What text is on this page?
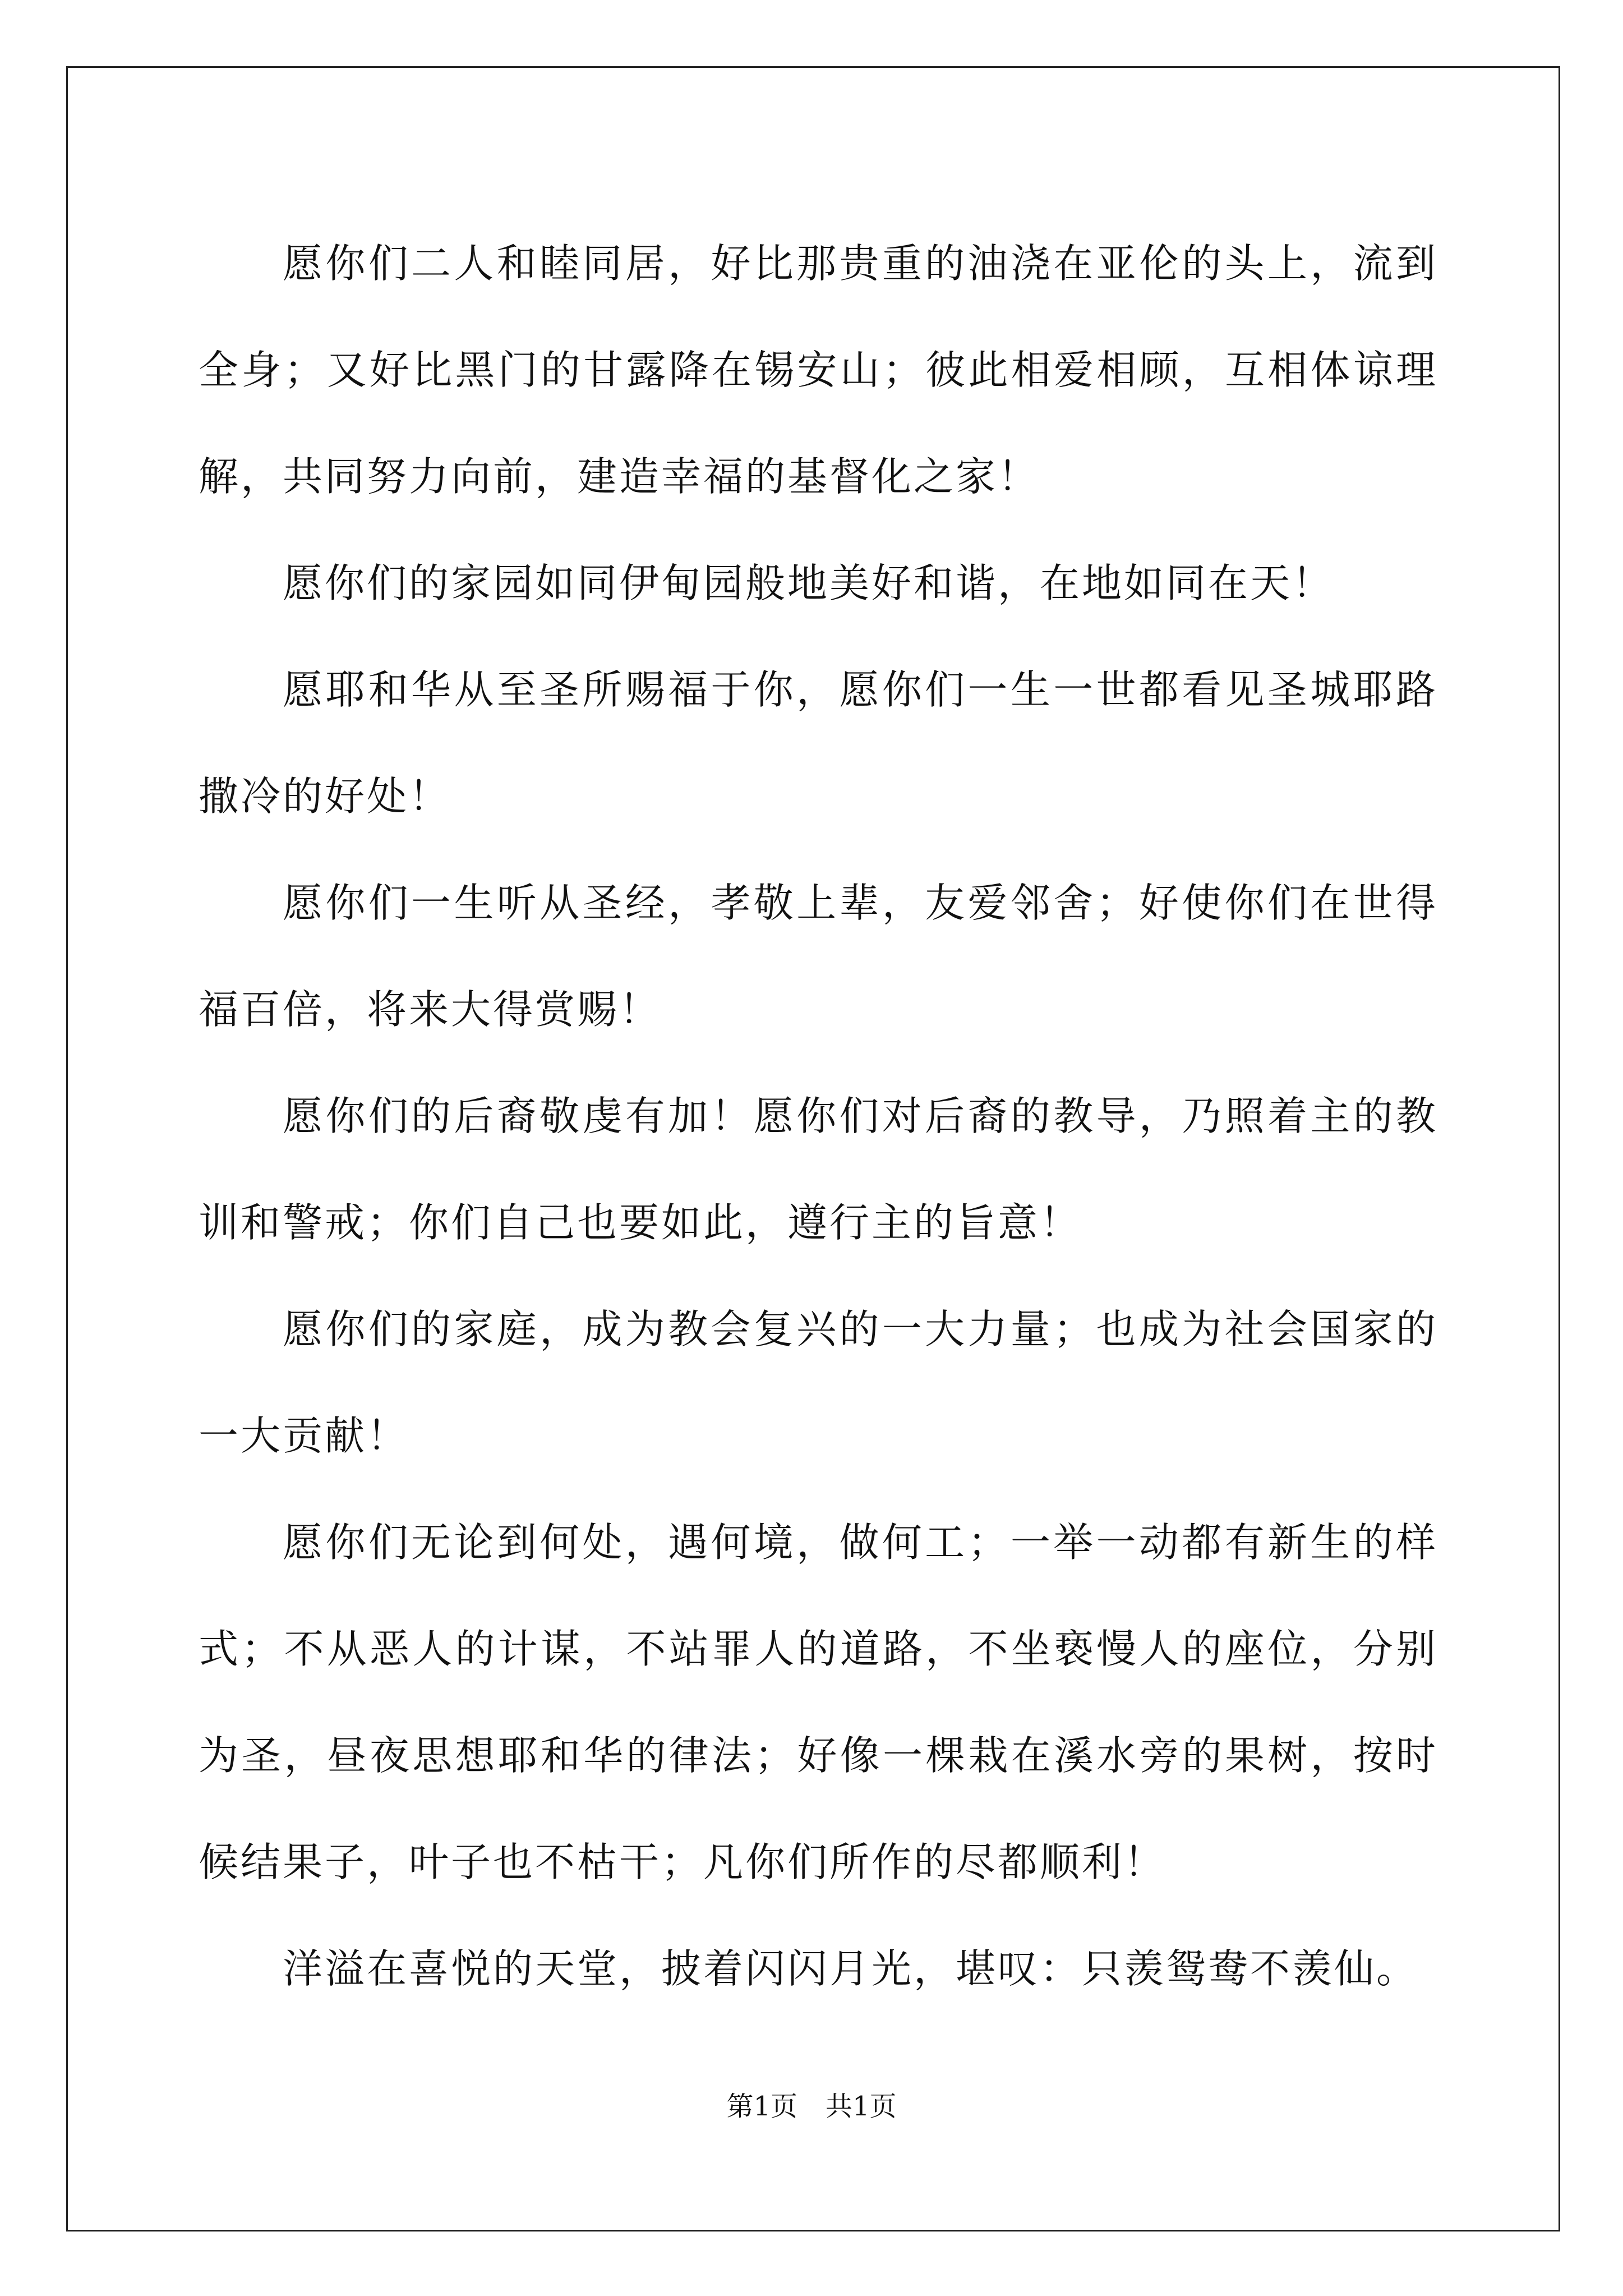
愿你们二人和睦同居，好比那贵重的油浇在亚伦的头上，流到全身；又好比黑门的甘露降在锡安山；彼此相爱相顾，互相体谅理解，共同努力向前，建造幸福的基督化之家！

愿你们的家园如同伊甸园般地美好和谐，在地如同在天！

愿耶和华从至圣所赐福于你，愿你们一生一世都看见圣城耶路撒冷的好处！

愿你们一生听从圣经，孝敬上辈，友爱邻舍；好使你们在世得福百倍，将来大得赏赐！

愿你们的后裔敬虔有加！愿你们对后裔的教导，乃照着主的教训和警戒；你们自己也要如此，遵行主的旨意！

愿你们的家庭，成为教会复兴的一大力量；也成为社会国家的一大贡献！

愿你们无论到何处，遇何境，做何工；一举一动都有新生的样式；不从恶人的计谋，不站罪人的道路，不坐亵慢人的座位，分别为圣，昼夜思想耶和华的律法；好像一棵栽在溪水旁的果树，按时候结果子，叶子也不枯干；凡你们所作的尽都顺利！

洋溢在喜悦的天堂，披着闪闪月光，堪叹：只羡鸳鸯不羡仙。

第1页 共1页
